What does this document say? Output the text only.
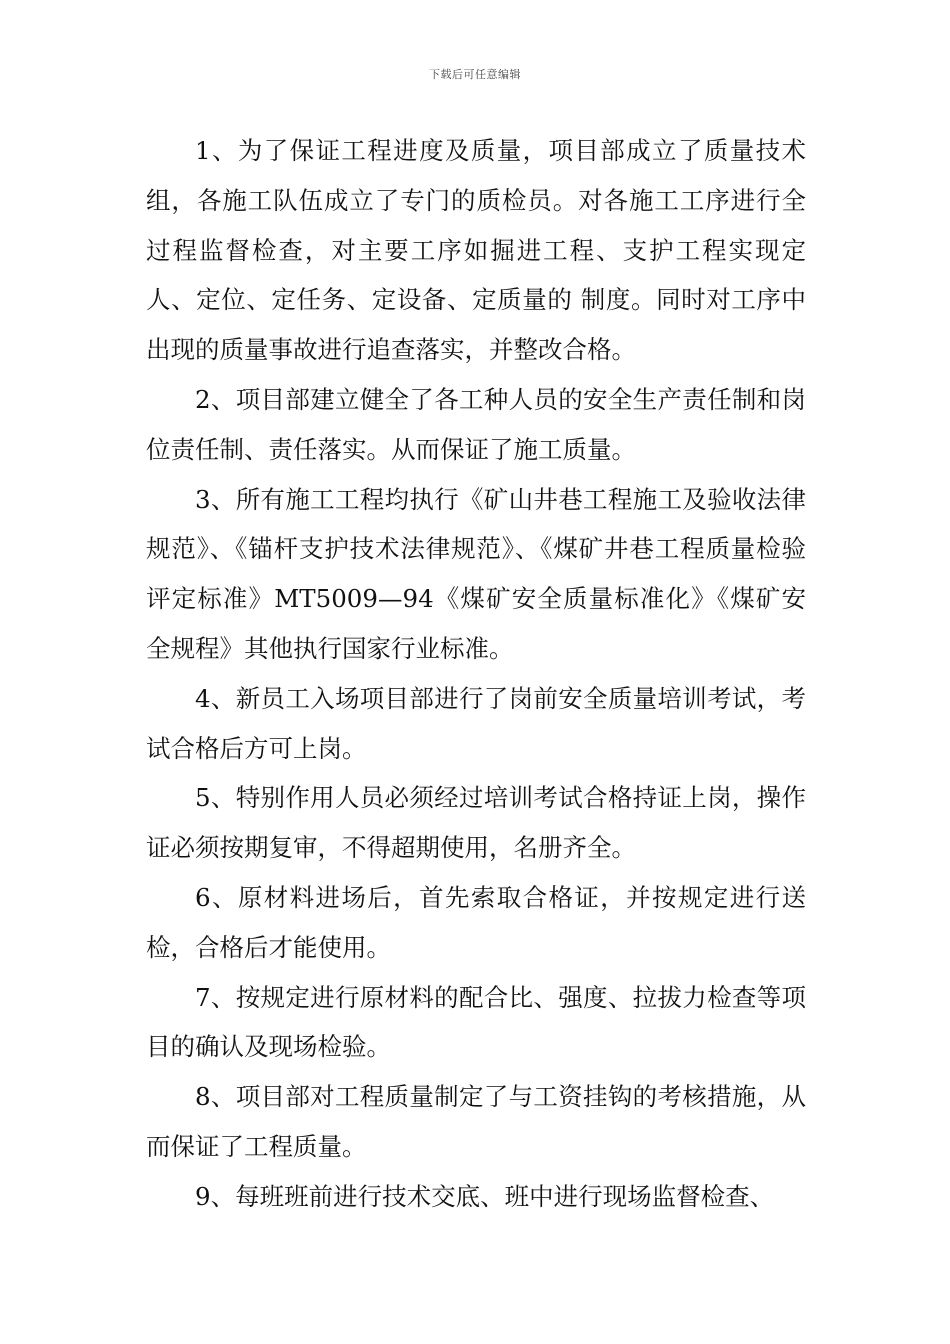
下载后可任意编辑

1、为了保证工程进度及质量，项目部成立了质量技术组，各施工队伍成立了专门的质检员。对各施工工序进行全过程监督检查，对主要工序如掘进工程、支护工程实现定人、定位、定任务、定设备、定质量的 制度。同时对工序中出现的质量事故进行追查落实，并整改合格。

2、项目部建立健全了各工种人员的安全生产责任制和岗位责任制、责任落实。从而保证了施工质量。

3、所有施工工程均执行《矿山井巷工程施工及验收法律规范》、《锚杆支护技术法律规范》、《煤矿井巷工程质量检验评定标准》MT5009—94《煤矿安全质量标准化》《煤矿安全规程》其他执行国家行业标准。

4、新员工入场项目部进行了岗前安全质量培训考试，考试合格后方可上岗。

5、特别作用人员必须经过培训考试合格持证上岗，操作证必须按期复审，不得超期使用，名册齐全。

6、原材料进场后，首先索取合格证，并按规定进行送检，合格后才能使用。

7、按规定进行原材料的配合比、强度、拉拔力检查等项目的确认及现场检验。

8、项目部对工程质量制定了与工资挂钩的考核措施，从而保证了工程质量。

9、每班班前进行技术交底、班中进行现场监督检查、
